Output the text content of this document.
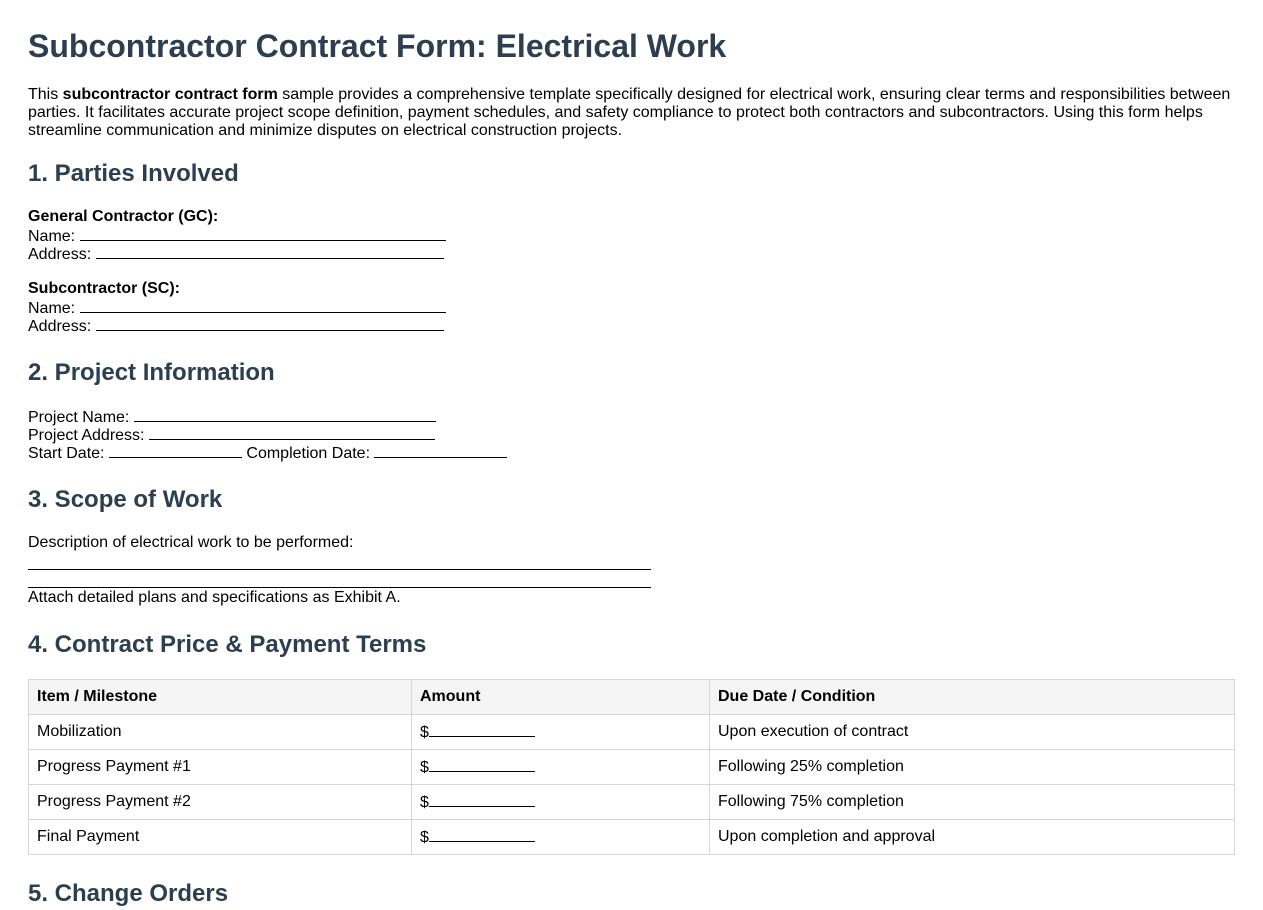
Subcontractor Contract Form: Electrical Work

This subcontractor contract form sample provides a comprehensive template specifically designed for electrical work, ensuring clear terms and responsibilities between parties. It facilitates accurate project scope definition, payment schedules, and safety compliance to protect both contractors and subcontractors. Using this form helps streamline communication and minimize disputes on electrical construction projects.

1. Parties Involved
General Contractor (GC):
Name:
Address:
Subcontractor (SC):
Name:
Address:
2. Project Information
Project Name:
Project Address:
Start Date:	Completion Date:
3. Scope of Work
Description of electrical work to be performed:
Attach detailed plans and specifications as Exhibit A.
4. Contract Price & Payment Terms
Item / Milestone	Amount	Due Date / Condition
Mobilization	$	Upon execution of contract
Progress Payment #1	$	Following 25% completion
Progress Payment #2	$	Following 75% completion
Final Payment	$	Upon completion and approval
5. Change Orders
